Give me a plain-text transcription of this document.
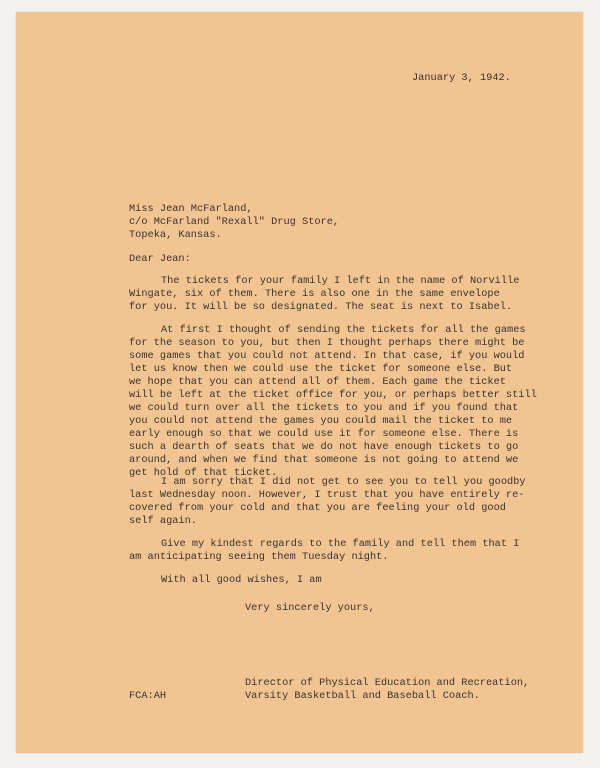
January 3, 1942.
Miss Jean McFarland,
c/o McFarland "Rexall" Drug Store,
Topeka, Kansas.
Dear Jean:
The tickets for your family I left in the name of Norville
Wingate, six of them. There is also one in the same envelope
for you. It will be so designated. The seat is next to Isabel.
At first I thought of sending the tickets for all the games
for the season to you, but then I thought perhaps there might be
some games that you could not attend. In that case, if you would
let us know then we could use the ticket for someone else. But
we hope that you can attend all of them. Each game the ticket
will be left at the ticket office for you, or perhaps better still
we could turn over all the tickets to you and if you found that
you could not attend the games you could mail the ticket to me
early enough so that we could use it for someone else. There is
such a dearth of seats that we do not have enough tickets to go
around, and when we find that someone is not going to attend we
get hold of that ticket.
I am sorry that I did not get to see you to tell you goodby
last Wednesday noon. However, I trust that you have entirely re-
covered from your cold and that you are feeling your old good
self again.
Give my kindest regards to the family and tell them that I
am anticipating seeing them Tuesday night.
With all good wishes, I am
Very sincerely yours,
Director of Physical Education and Recreation,
FCA:AH	Varsity Basketball and Baseball Coach.
